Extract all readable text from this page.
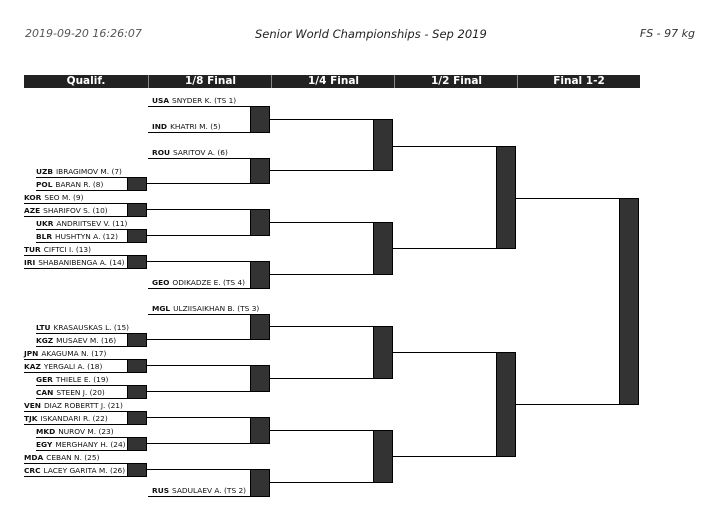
2019-09-20 16:26:07	Senior World Championships - Sep 2019	FS - 97 kg
Qualif.	1/8 Final	1/4 Final	1/2 Final	Final 1-2
UZB IBRAGIMOV M. (7)
POL BARAN R. (8)
KOR SEO M. (9)
AZE SHARIFOV S. (10)
UKR ANDRIITSEV V. (11)
BLR HUSHTYN A. (12)
TUR CIFTCI I. (13)
IRI SHABANIBENGA A. (14)
LTU KRASAUSKAS L. (15)
KGZ MUSAEV M. (16)
JPN AKAGUMA N. (17)
KAZ YERGALI A. (18)
GER THIELE E. (19)
CAN STEEN J. (20)
VEN DIAZ ROBERTT J. (21)
TJK ISKANDARI R. (22)
MKD NUROV M. (23)
EGY MERGHANY H. (24)
MDA CEBAN N. (25)
CRC LACEY GARITA M. (26)
USA SNYDER K. (TS 1)
IND KHATRI M. (5)
ROU SARITOV A. (6)
GEO ODIKADZE E. (TS 4)
MGL ULZIISAIKHAN B. (TS 3)
RUS SADULAEV A. (TS 2)
